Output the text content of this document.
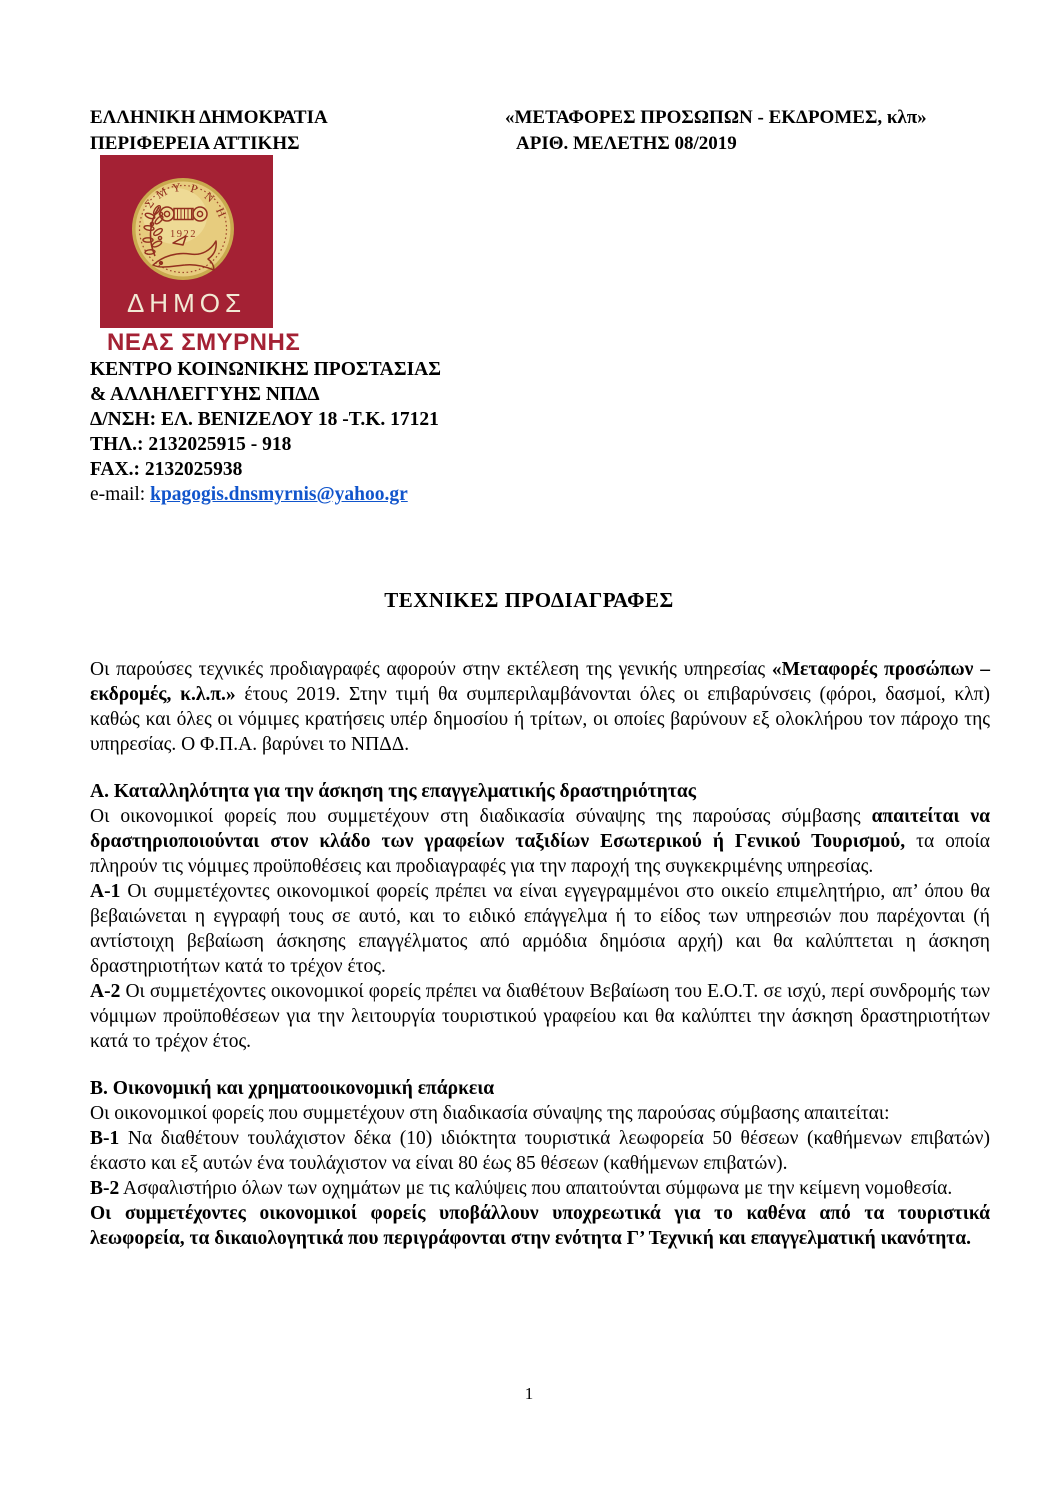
ΕΛΛΗΝΙΚΗ ΔΗΜΟΚΡΑΤΙΑ
ΠΕΡΙΦΕΡΕΙΑ ΑΤΤΙΚΗΣ
«ΜΕΤΑΦΟΡΕΣ ΠΡΟΣΩΠΩΝ - ΕΚΔΡΟΜΕΣ, κλπ»
ΑΡΙΘ. ΜΕΛΕΤΗΣ 08/2019
Σ
Μ Υ Ρ
Ν
Η
1922
ΔΗΜΟΣ
ΝΕΑΣ ΣΜΥΡΝΗΣ
ΚΕΝΤΡΟ ΚΟΙΝΩΝΙΚΗΣ ΠΡΟΣΤΑΣΙΑΣ
& ΑΛΛΗΛΕΓΓΥΗΣ ΝΠΔΔ
Δ/ΝΣΗ: ΕΛ. ΒΕΝΙΖΕΛΟΥ 18 -Τ.Κ. 17121
ΤΗΛ.: 2132025915 - 918
FAX.: 2132025938
e-mail: kpagogis.dnsmyrnis@yahoo.gr
ΤΕΧΝΙΚΕΣ ΠΡΟΔΙΑΓΡΑΦΕΣ

Οι παρούσες τεχνικές προδιαγραφές αφορούν στην εκτέλεση της γενικής υπηρεσίας «Μεταφορές προσώπων – εκδρομές, κ.λ.π.» έτους 2019. Στην τιμή θα συμπεριλαμβάνονται όλες οι επιβαρύνσεις (φόροι, δασμοί, κλπ) καθώς και όλες οι νόμιμες κρατήσεις υπέρ δημοσίου ή τρίτων, οι οποίες βαρύνουν εξ ολοκλήρου τον πάροχο της υπηρεσίας. Ο Φ.Π.Α. βαρύνει το ΝΠΔΔ.

Α. Καταλληλότητα για την άσκηση της επαγγελματικής δραστηριότητας

Οι οικονομικοί φορείς που συμμετέχουν στη διαδικασία σύναψης της παρούσας σύμβασης απαιτείται να δραστηριοποιούνται στον κλάδο των γραφείων ταξιδίων Εσωτερικού ή Γενικού Τουρισμού, τα οποία πληρούν τις νόμιμες προϋποθέσεις και προδιαγραφές για την παροχή της συγκεκριμένης υπηρεσίας.

Α-1 Οι συμμετέχοντες οικονομικοί φορείς πρέπει να είναι εγγεγραμμένοι στο οικείο επιμελητήριο, απ’ όπου θα βεβαιώνεται η εγγραφή τους σε αυτό, και το ειδικό επάγγελμα ή το είδος των υπηρεσιών που παρέχονται (ή αντίστοιχη βεβαίωση άσκησης επαγγέλματος από αρμόδια δημόσια αρχή) και θα καλύπτεται η άσκηση δραστηριοτήτων κατά το τρέχον έτος.

Α-2 Οι συμμετέχοντες οικονομικοί φορείς πρέπει να διαθέτουν Βεβαίωση του Ε.Ο.Τ. σε ισχύ, περί συνδρομής των νόμιμων προϋποθέσεων για την λειτουργία τουριστικού γραφείου και θα καλύπτει την άσκηση δραστηριοτήτων κατά το τρέχον έτος.

Β. Οικονομική και χρηματοοικονομική επάρκεια

Οι οικονομικοί φορείς που συμμετέχουν στη διαδικασία σύναψης της παρούσας σύμβασης απαιτείται:

Β-1 Να διαθέτουν τουλάχιστον δέκα (10) ιδιόκτητα τουριστικά λεωφορεία 50 θέσεων (καθήμενων επιβατών) έκαστο και εξ αυτών ένα τουλάχιστον να είναι 80 έως 85 θέσεων (καθήμενων επιβατών).

Β-2 Ασφαλιστήριο όλων των οχημάτων με τις καλύψεις που απαιτούνται σύμφωνα με την κείμενη νομοθεσία.

Οι συμμετέχοντες οικονομικοί φορείς υποβάλλουν υποχρεωτικά για το καθένα από τα τουριστικά λεωφορεία, τα δικαιολογητικά που περιγράφονται στην ενότητα Γ’ Τεχνική και επαγγελματική ικανότητα.

1
